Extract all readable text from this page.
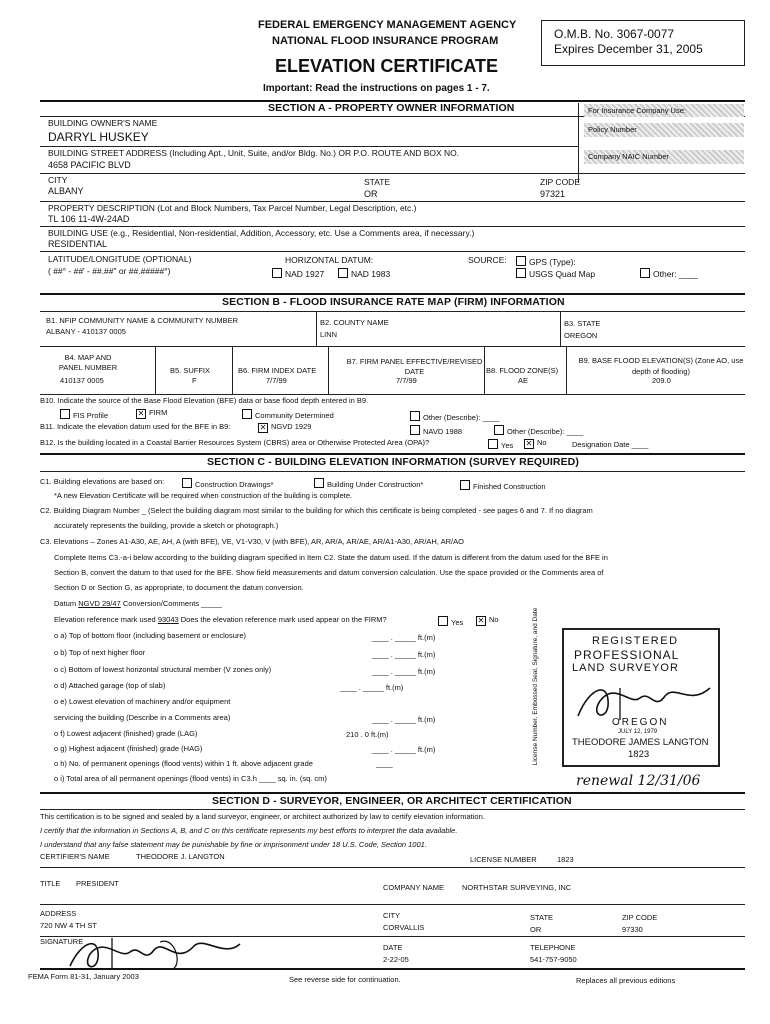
FEDERAL EMERGENCY MANAGEMENT AGENCY
NATIONAL FLOOD INSURANCE PROGRAM
ELEVATION CERTIFICATE
Important: Read the instructions on pages 1 - 7.
O.M.B. No. 3067-0077
Expires December 31, 2005
SECTION A - PROPERTY OWNER INFORMATION	For Insurance Company Use:
Policy Number
Company NAIC Number
BUILDING OWNER'S NAME
DARRYL HUSKEY
BUILDING STREET ADDRESS (Including Apt., Unit, Suite, and/or Bldg. No.) OR P.O. ROUTE AND BOX NO.
4658 PACIFIC BLVD
CITY
ALBANY
STATE
OR
ZIP CODE
97321
PROPERTY DESCRIPTION (Lot and Block Numbers, Tax Parcel Number, Legal Description, etc.)
TL 106 11-4W-24AD
BUILDING USE (e.g., Residential, Non-residential, Addition, Accessory, etc. Use a Comments area, if necessary.)
RESIDENTIAL
LATITUDE/LONGITUDE (OPTIONAL)
( ##° - ##' - ##.##" or ##.#####°)
HORIZONTAL DATUM:
NAD 1927	NAD 1983
SOURCE:	GPS (Type):
USGS Quad Map	Other: ____
SECTION B - FLOOD INSURANCE RATE MAP (FIRM) INFORMATION
B1. NFIP COMMUNITY NAME & COMMUNITY NUMBER
ALBANY - 410137 0005
B2. COUNTY NAME
LINN
B3. STATE
OREGON
B4. MAP AND PANEL NUMBER
410137 0005
B5. SUFFIX
F
B6. FIRM INDEX DATE
7/7/99
B7. FIRM PANEL EFFECTIVE/REVISED DATE
7/7/99
B8. FLOOD ZONE(S)
AE
B9. BASE FLOOD ELEVATION(S) (Zone AO, use depth of flooding)
209.0
B10. Indicate the source of the Base Flood Elevation (BFE) data or base flood depth entered in B9.
FIS Profile	✕ FIRM	Community Determined	Other (Describe): ____
B11. Indicate the elevation datum used for the BFE in B9:	✕ NGVD 1929
NAVD 1988	Other (Describe): ____
B12. Is the building located in a Coastal Barrier Resources System (CBRS) area or Otherwise Protected Area (OPA)?	Yes ✕ No	Designation Date ____
SECTION C - BUILDING ELEVATION INFORMATION (SURVEY REQUIRED)
C1. Building elevations are based on:	Construction Drawings*	Building Under Construction*	Finished Construction
*A new Elevation Certificate will be required when construction of the building is complete.
C2. Building Diagram Number _ (Select the building diagram most similar to the building for which this certificate is being completed - see pages 6 and 7. If no diagram
accurately represents the building, provide a sketch or photograph.)
C3. Elevations – Zones A1-A30, AE, AH, A (with BFE), VE, V1-V30, V (with BFE), AR, AR/A, AR/AE, AR/A1-A30, AR/AH, AR/AO
Complete Items C3.-a-i below according to the building diagram specified in Item C2. State the datum used. If the datum is different from the datum used for the BFE in
Section B, convert the datum to that used for the BFE. Show field measurements and datum conversion calculation. Use the space provided or the Comments area of
Section D or Section G, as appropriate, to document the datum conversion.
Datum NGVD 29/47 Conversion/Comments _____
Elevation reference mark used 93043 Does the elevation reference mark used appear on the FIRM?	Yes ✕ No
o a) Top of bottom floor (including basement or enclosure)	____ . _____ ft.(m)
o b) Top of next higher floor	____ . _____ ft.(m)
o c) Bottom of lowest horizontal structural member (V zones only)	____ . _____ ft.(m)
o d) Attached garage (top of slab)	____ . _____ ft.(m)
o e) Lowest elevation of machinery and/or equipment
servicing the building (Describe in a Comments area)	____ . _____ ft.(m)
o f) Lowest adjacent (finished) grade (LAG)	210 . 0 ft.(m)
o g) Highest adjacent (finished) grade (HAG)	____ . _____ ft.(m)
o h) No. of permanent openings (flood vents) within 1 ft. above adjacent grade	____
o i) Total area of all permanent openings (flood vents) in C3.h ____ sq. in. (sq. cm)
License Number, Embossed Seal, Signature, and Date	REGISTERED
PROFESSIONAL
LAND SURVEYOR
OREGON
JULY 12, 1979
THEODORE JAMES LANGTON
1823
renewal 12/31/06
SECTION D - SURVEYOR, ENGINEER, OR ARCHITECT CERTIFICATION
This certification is to be signed and sealed by a land surveyor, engineer, or architect authorized by law to certify elevation information.
I certify that the information in Sections A, B, and C on this certificate represents my best efforts to interpret the data available.
I understand that any false statement may be punishable by fine or imprisonment under 18 U.S. Code, Section 1001.
CERTIFIER'S NAME	THEODORE J. LANGTON	LICENSE NUMBER	1823
TITLE PRESIDENT	COMPANY NAME NORTHSTAR SURVEYING, INC
ADDRESS
720 NW 4 TH ST
CITY
CORVALLIS
STATE
OR
ZIP CODE
97330
SIGNATURE
DATE
2-22-05
TELEPHONE
541-757-9050
FEMA Form 81-31, January 2003	See reverse side for continuation.	Replaces all previous editions
